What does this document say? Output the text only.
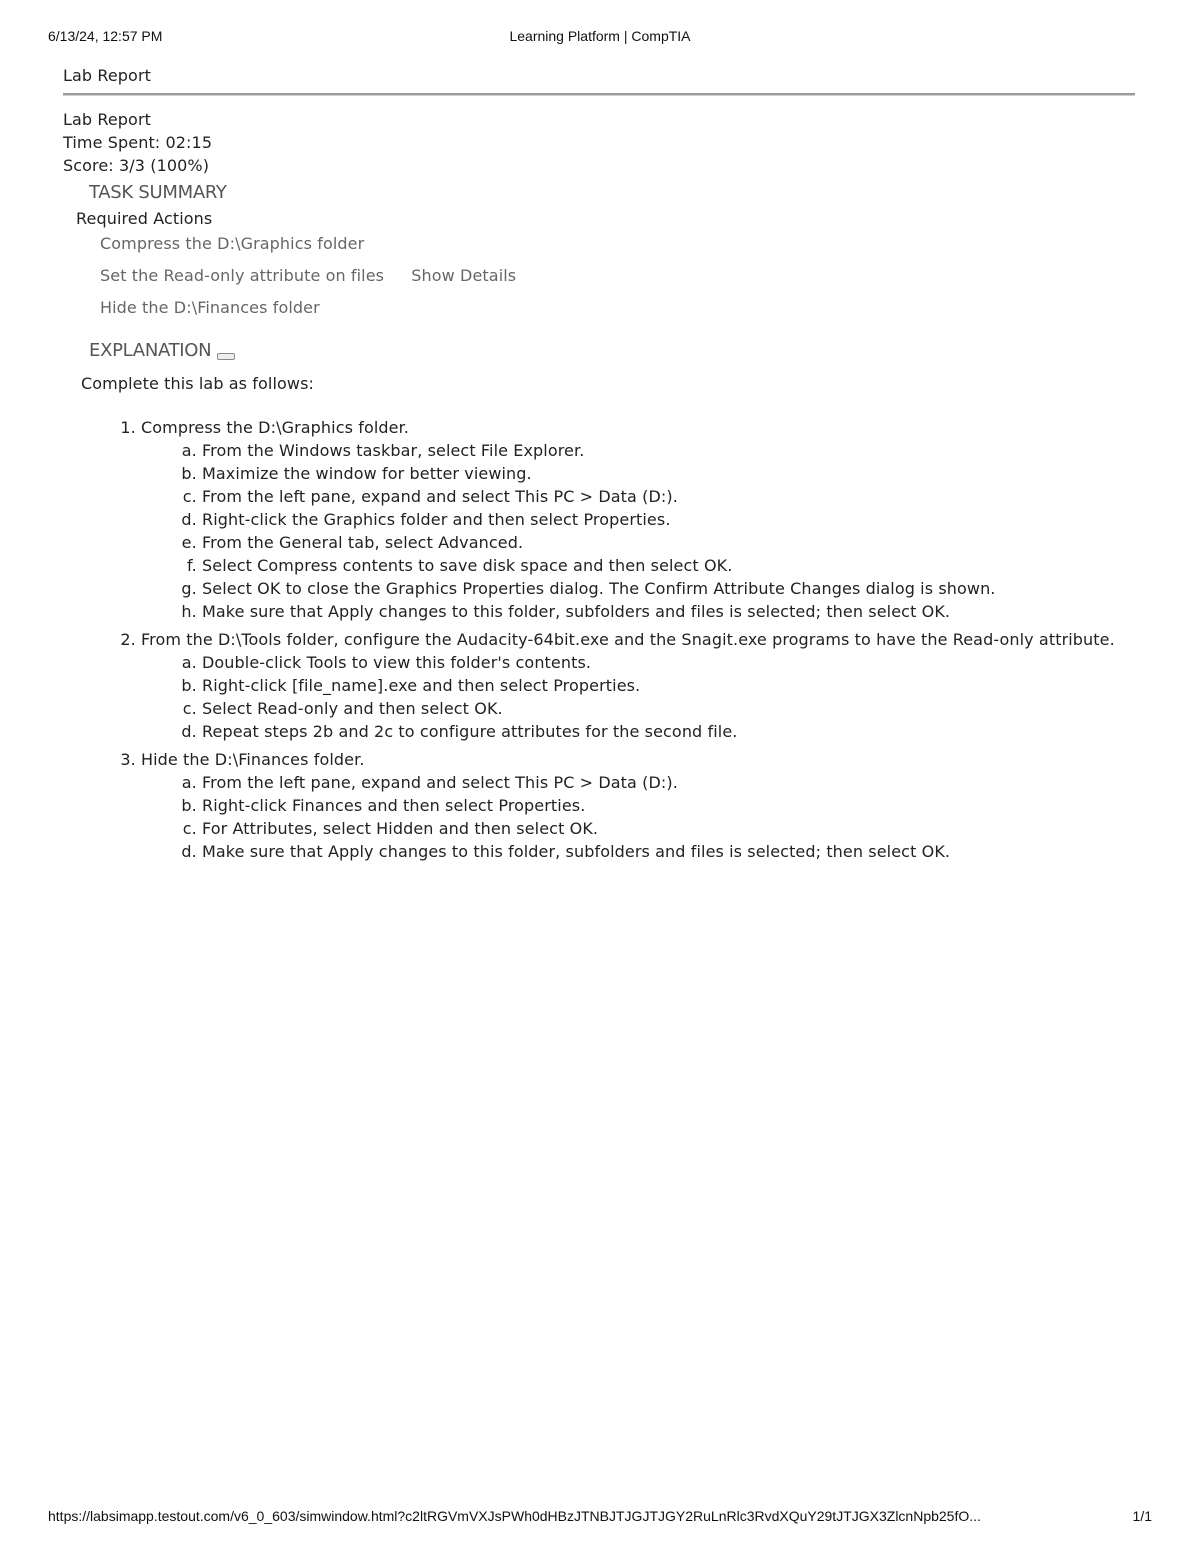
6/13/24, 12:57 PM	Learning Platform | CompTIA
Lab Report
Lab Report
Time Spent: 02:15
Score: 3/3 (100%)
TASK SUMMARY
Required Actions
Compress the D:\Graphics folder
Set the Read-only attribute on files Show Details
Hide the D:\Finances folder
EXPLANATION
Complete this lab as follows:
1. Compress the D:\Graphics folder.
a. From the Windows taskbar, select File Explorer.
b. Maximize the window for better viewing.
c. From the left pane, expand and select This PC > Data (D:).
d. Right-click the Graphics folder and then select Properties.
e. From the General tab, select Advanced.
f. Select Compress contents to save disk space and then select OK.
g. Select OK to close the Graphics Properties dialog. The Confirm Attribute Changes dialog is shown.
h. Make sure that Apply changes to this folder, subfolders and files is selected; then select OK.
2. From the D:\Tools folder, configure the Audacity-64bit.exe and the Snagit.exe programs to have the Read-only attribute.
a. Double-click Tools to view this folder's contents.
b. Right-click [file_name].exe and then select Properties.
c. Select Read-only and then select OK.
d. Repeat steps 2b and 2c to configure attributes for the second file.
3. Hide the D:\Finances folder.
a. From the left pane, expand and select This PC > Data (D:).
b. Right-click Finances and then select Properties.
c. For Attributes, select Hidden and then select OK.
d. Make sure that Apply changes to this folder, subfolders and files is selected; then select OK.
https://labsimapp.testout.com/v6_0_603/simwindow.html?c2ltRGVmVXJsPWh0dHBzJTNBJTJGJTJGY2RuLnRlc3RvdXQuY29tJTJGX3ZlcnNpb25fO...	1/1
